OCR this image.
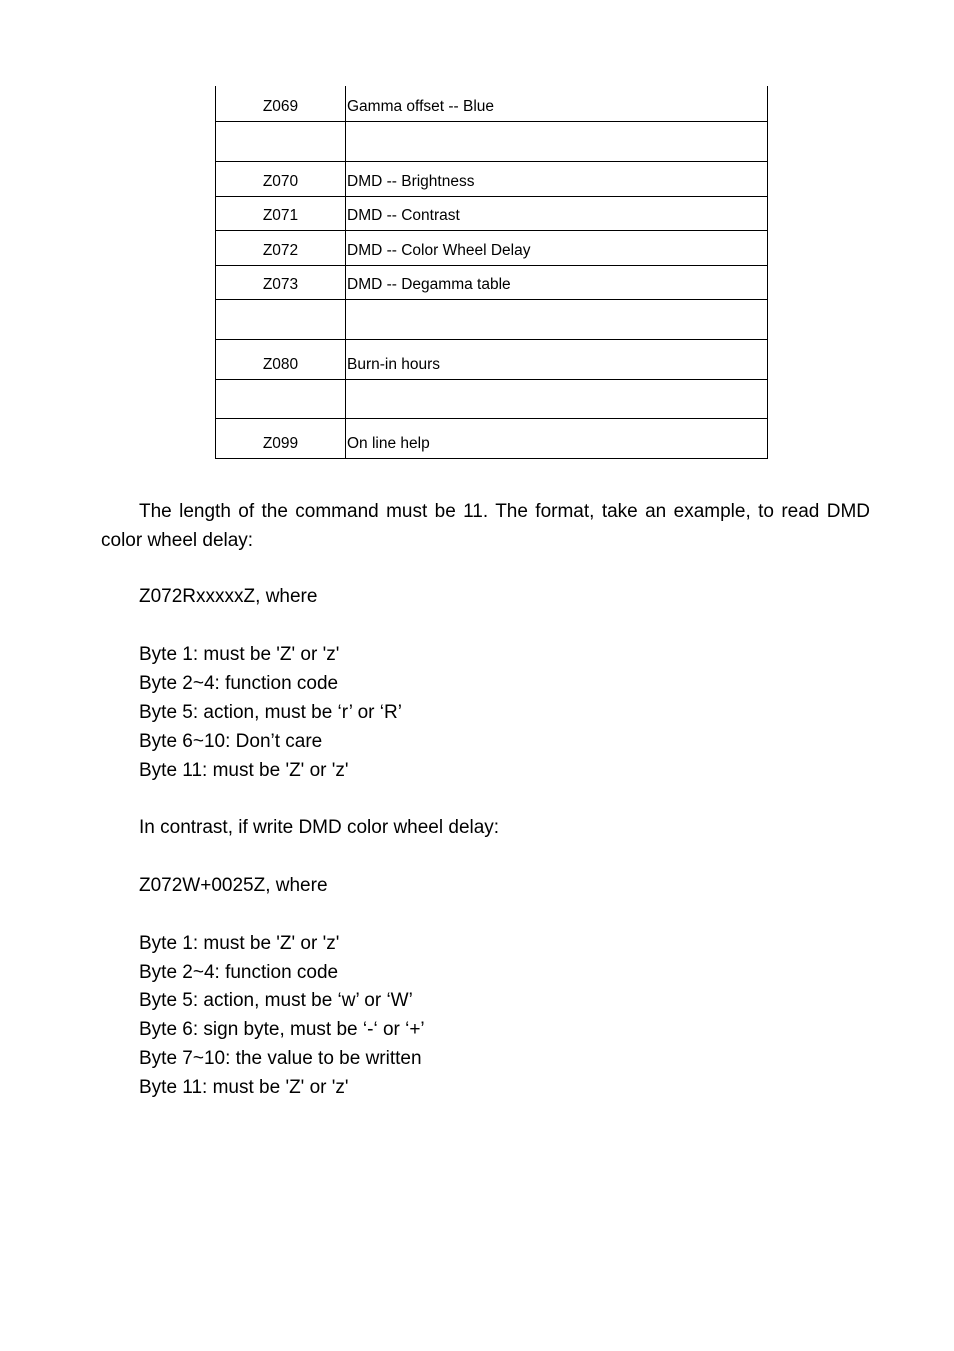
Z069	Gamma offset -- Blue

Z070	DMD -- Brightness
Z071	DMD -- Contrast
Z072	DMD -- Color Wheel Delay
Z073	DMD -- Degamma table

Z080	Burn-in hours

Z099	On line help

The length of the command must be 11. The format, take an example, to read DMD color wheel delay:

Z072RxxxxxZ, where

Byte 1: must be 'Z' or 'z'

Byte 2~4: function code

Byte 5: action, must be ‘r’ or ‘R’

Byte 6~10: Don’t care

Byte 11: must be 'Z' or 'z'

In contrast, if write DMD color wheel delay:

Z072W+0025Z, where

Byte 1: must be 'Z' or 'z'

Byte 2~4: function code

Byte 5: action, must be ‘w’ or ‘W’

Byte 6: sign byte, must be ‘-‘ or ‘+’

Byte 7~10: the value to be written

Byte 11: must be 'Z' or 'z'
